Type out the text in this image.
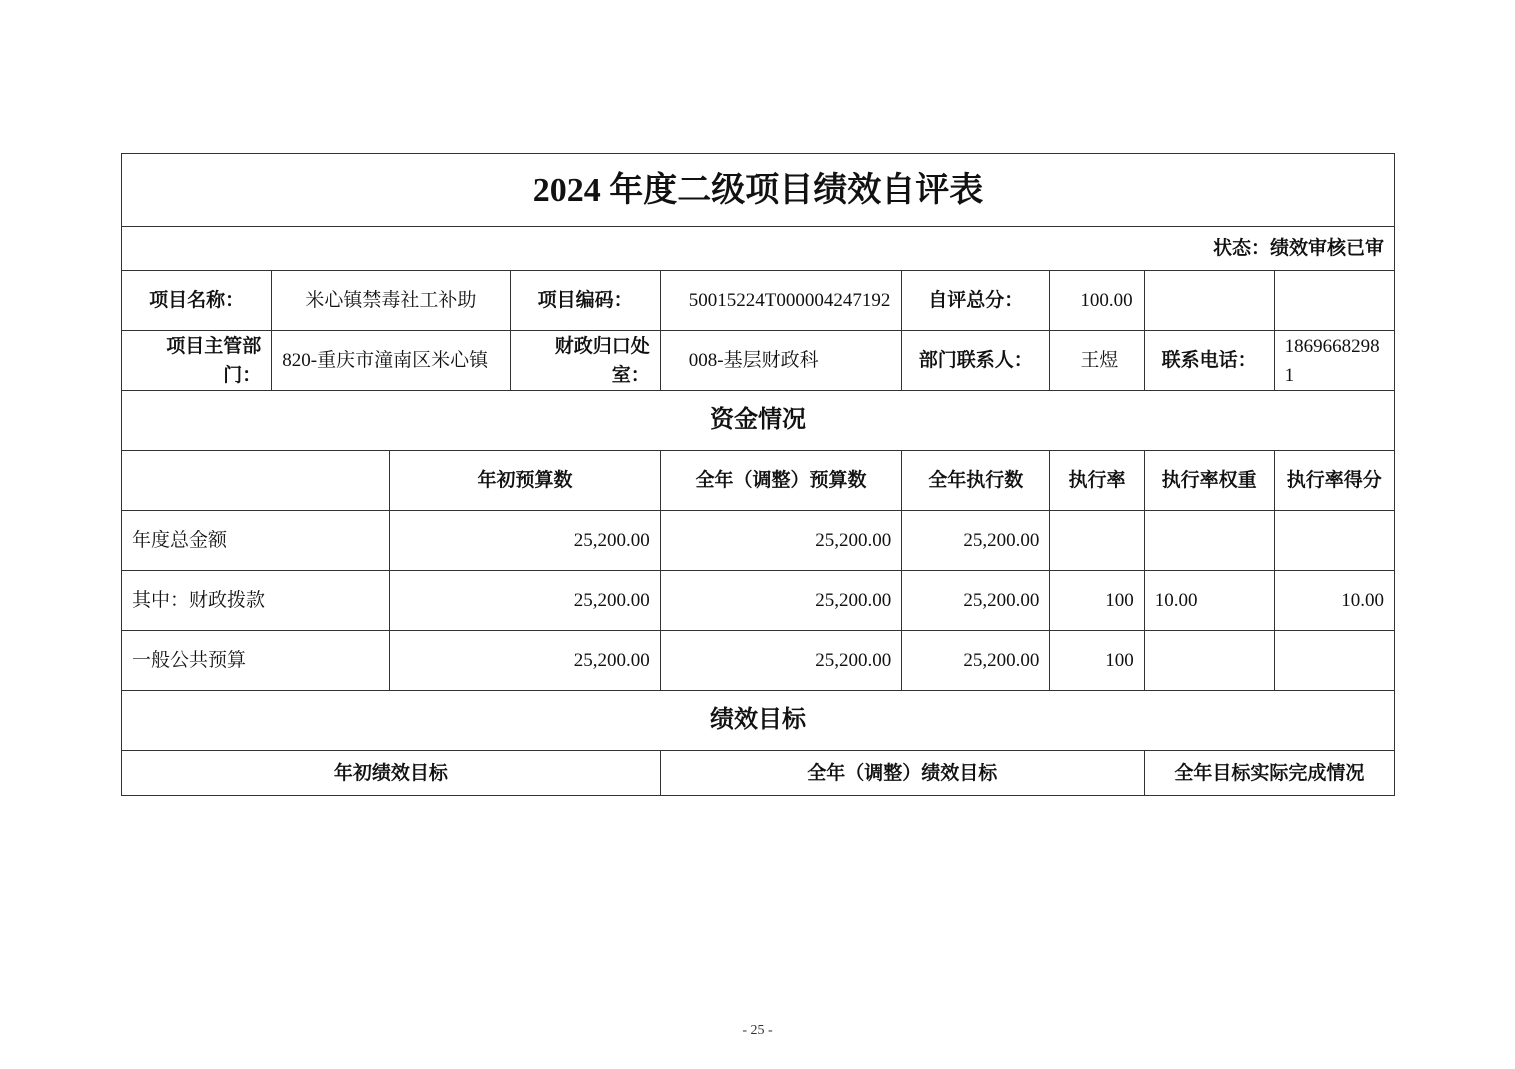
2024 年度二级项目绩效自评表								
状态：绩效审核已审								
项目名称：	米心镇禁毒社工补助		项目编码：	50015224T000004247192	自评总分：	100.00		
项目主管部门：	820-重庆市潼南区米心镇		财政归口处室：	008-基层财政科	部门联系人：	王煜	联系电话：	18696682981
资金情况								
		年初预算数		全年（调整）预算数	全年执行数	执行率	执行率权重	执行率得分
年度总金额		25,200.00		25,200.00	25,200.00			
其中：财政拨款		25,200.00		25,200.00	25,200.00	100	10.00	10.00
一般公共预算		25,200.00		25,200.00	25,200.00	100		
绩效目标								
年初绩效目标				全年（调整）绩效目标			全年目标实际完成情况	
- 25 -
